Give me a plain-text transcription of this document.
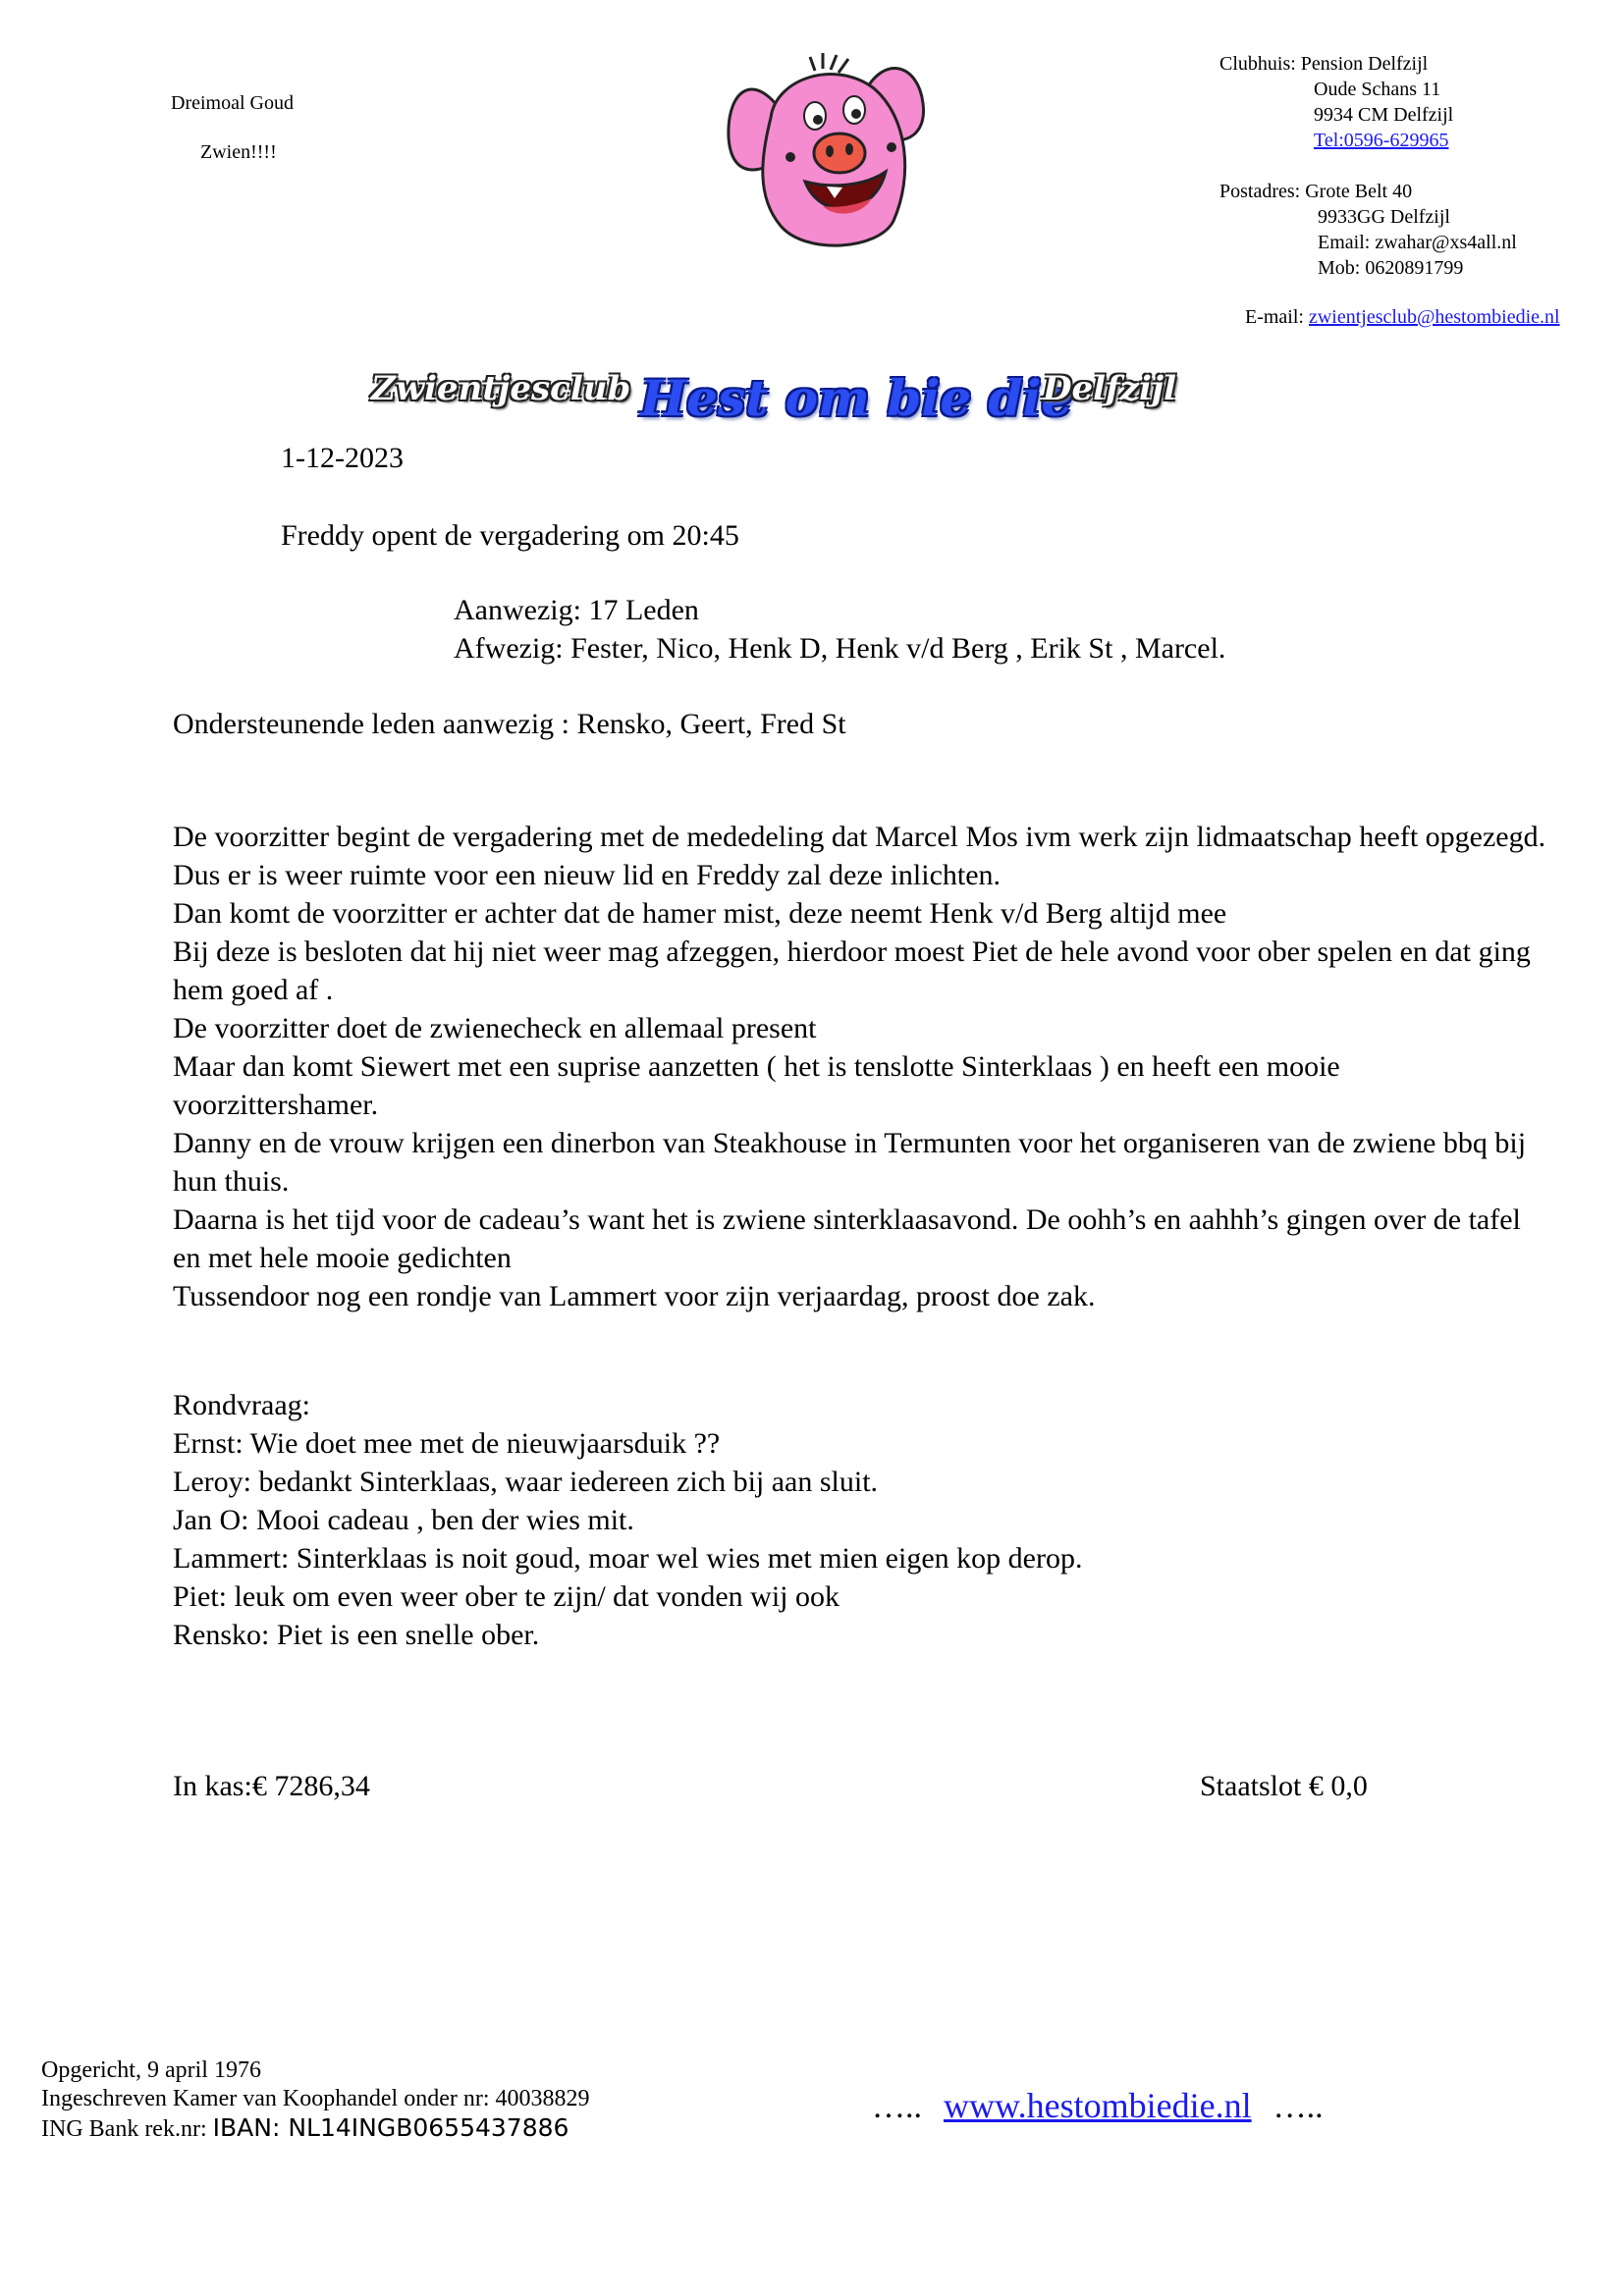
Dreimoal Goud
Zwien!!!!
Clubhuis: Pension Delfzijl
Oude Schans 11
9934 CM Delfzijl
Tel:0596-629965
Postadres: Grote Belt 40
9933GG Delfzijl
Email: zwahar@xs4all.nl
Mob: 0620891799
E-mail: zwientjesclub@hestombiedie.nl
Zwientjesclub Hest om bie die
Delfzijl
1-12-2023
Freddy opent de vergadering om 20:45
Aanwezig: 17 Leden
Afwezig: Fester, Nico, Henk D, Henk v/d Berg , Erik St , Marcel.
Ondersteunende leden aanwezig : Rensko, Geert, Fred St

De voorzitter begint de vergadering met de mededeling dat Marcel Mos ivm werk zijn lidmaatschap heeft opgezegd.

Dus er is weer ruimte voor een nieuw lid en Freddy zal deze inlichten.

Dan komt de voorzitter er achter dat de hamer mist, deze neemt Henk v/d Berg altijd mee

Bij deze is besloten dat hij niet weer mag afzeggen, hierdoor moest Piet de hele avond voor ober spelen en dat ging hem goed af .

De voorzitter doet de zwienecheck en allemaal present

Maar dan komt Siewert met een suprise aanzetten ( het is tenslotte Sinterklaas ) en heeft een mooie voorzittershamer.

Danny en de vrouw krijgen een dinerbon van Steakhouse in Termunten voor het organiseren van de zwiene bbq bij hun thuis.

Daarna is het tijd voor de cadeau’s want het is zwiene sinterklaasavond. De oohh’s en aahhh’s gingen over de tafel en met hele mooie gedichten

Tussendoor nog een rondje van Lammert voor zijn verjaardag, proost doe zak.

Rondvraag:

Ernst: Wie doet mee met de nieuwjaarsduik ??

Leroy: bedankt Sinterklaas, waar iedereen zich bij aan sluit.

Jan O: Mooi cadeau , ben der wies mit.

Lammert: Sinterklaas is noit goud, moar wel wies met mien eigen kop derop.

Piet: leuk om even weer ober te zijn/ dat vonden wij ook

Rensko: Piet is een snelle ober.

In kas:€ 7286,34	Staatslot € 0,0
Opgericht, 9 april 1976
Ingeschreven Kamer van Koophandel onder nr: 40038829
ING Bank rek.nr: IBAN: NL14INGB0655437886
….. www.hestombiedie.nl …..
